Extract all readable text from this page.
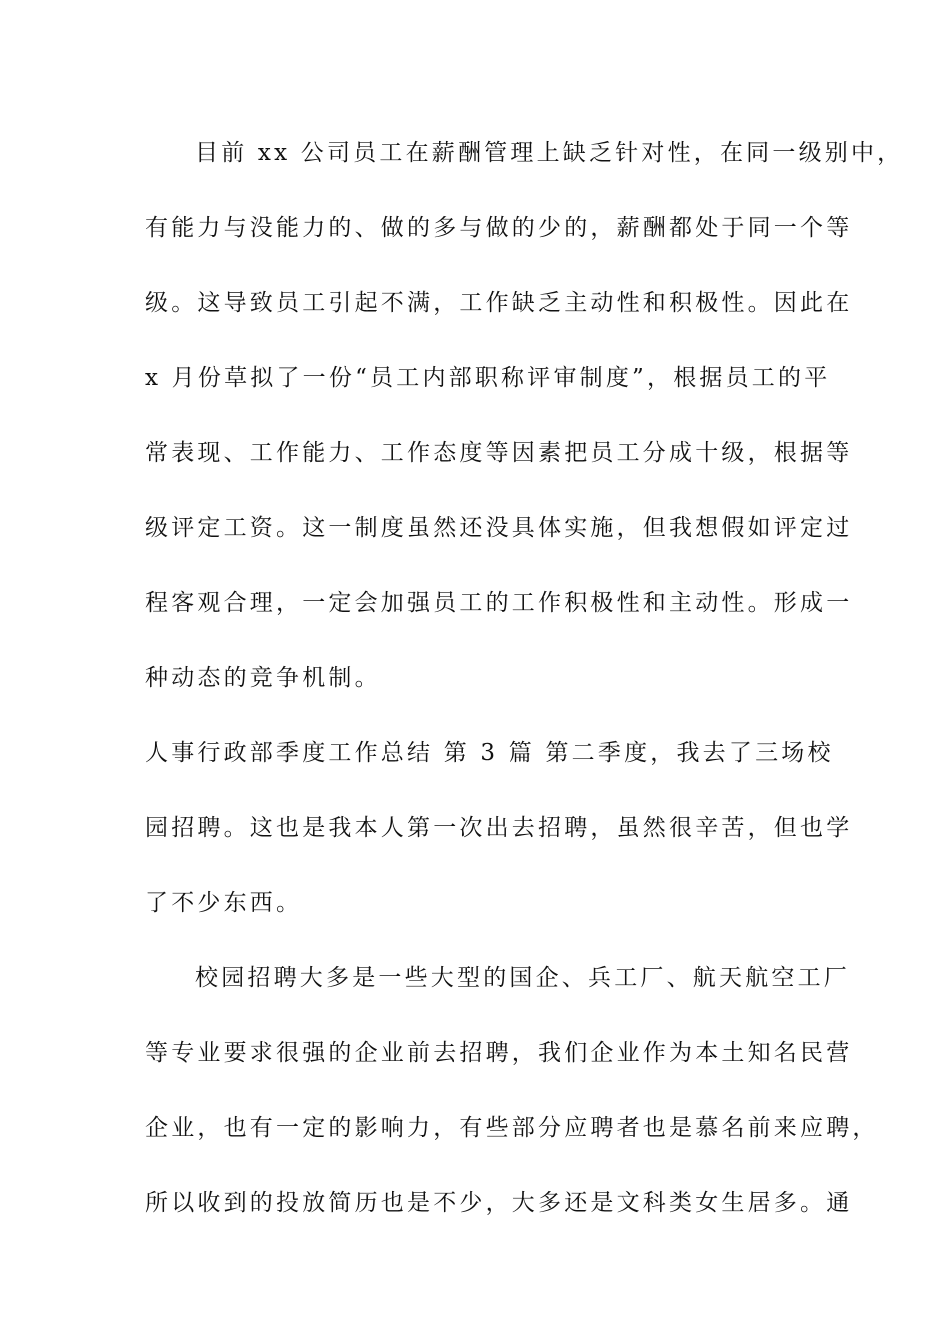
目前 xx 公司员工在薪酬管理上缺乏针对性，在同一级别中，
有能力与没能力的、做的多与做的少的，薪酬都处于同一个等
级。这导致员工引起不满，工作缺乏主动性和积极性。因此在
x 月份草拟了一份“员工内部职称评审制度”，根据员工的平
常表现、工作能力、工作态度等因素把员工分成十级，根据等
级评定工资。这一制度虽然还没具体实施，但我想假如评定过
程客观合理，一定会加强员工的工作积极性和主动性。形成一
种动态的竞争机制。
人事行政部季度工作总结 第 3 篇 第二季度，我去了三场校
园招聘。这也是我本人第一次出去招聘，虽然很辛苦，但也学
了不少东西。
校园招聘大多是一些大型的国企、兵工厂、航天航空工厂
等专业要求很强的企业前去招聘，我们企业作为本土知名民营
企业，也有一定的影响力，有些部分应聘者也是慕名前来应聘，
所以收到的投放简历也是不少，大多还是文科类女生居多。通
